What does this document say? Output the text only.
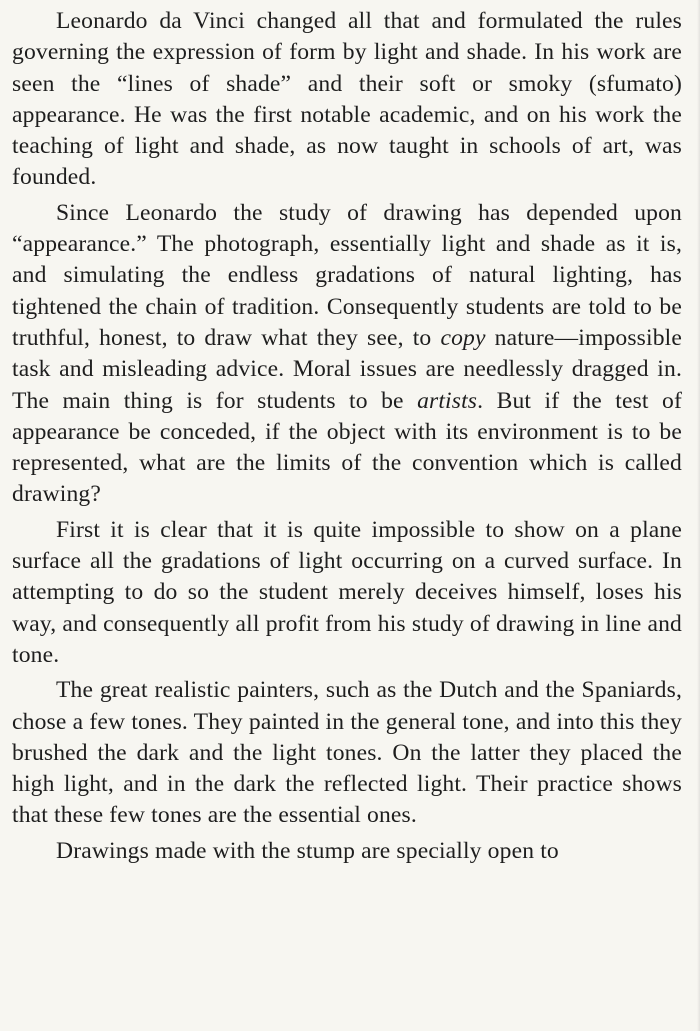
Leonardo da Vinci changed all that and formulated the rules governing the expression of form by light and shade. In his work are seen the “lines of shade” and their soft or smoky (sfumato) appearance. He was the first notable academic, and on his work the teaching of light and shade, as now taught in schools of art, was founded.

Since Leonardo the study of drawing has depended upon “appearance.” The photograph, essentially light and shade as it is, and simulating the endless gradations of natural lighting, has tightened the chain of tradition. Consequently students are told to be truthful, honest, to draw what they see, to copy nature—impossible task and misleading advice. Moral issues are needlessly dragged in. The main thing is for students to be artists. But if the test of appearance be conceded, if the object with its environment is to be represented, what are the limits of the convention which is called drawing?

First it is clear that it is quite impossible to show on a plane surface all the gradations of light occurring on a curved surface. In attempting to do so the student merely deceives himself, loses his way, and consequently all profit from his study of drawing in line and tone.

The great realistic painters, such as the Dutch and the Spaniards, chose a few tones. They painted in the general tone, and into this they brushed the dark and the light tones. On the latter they placed the high light, and in the dark the reflected light. Their practice shows that these few tones are the essential ones.

Drawings made with the stump are specially open to
